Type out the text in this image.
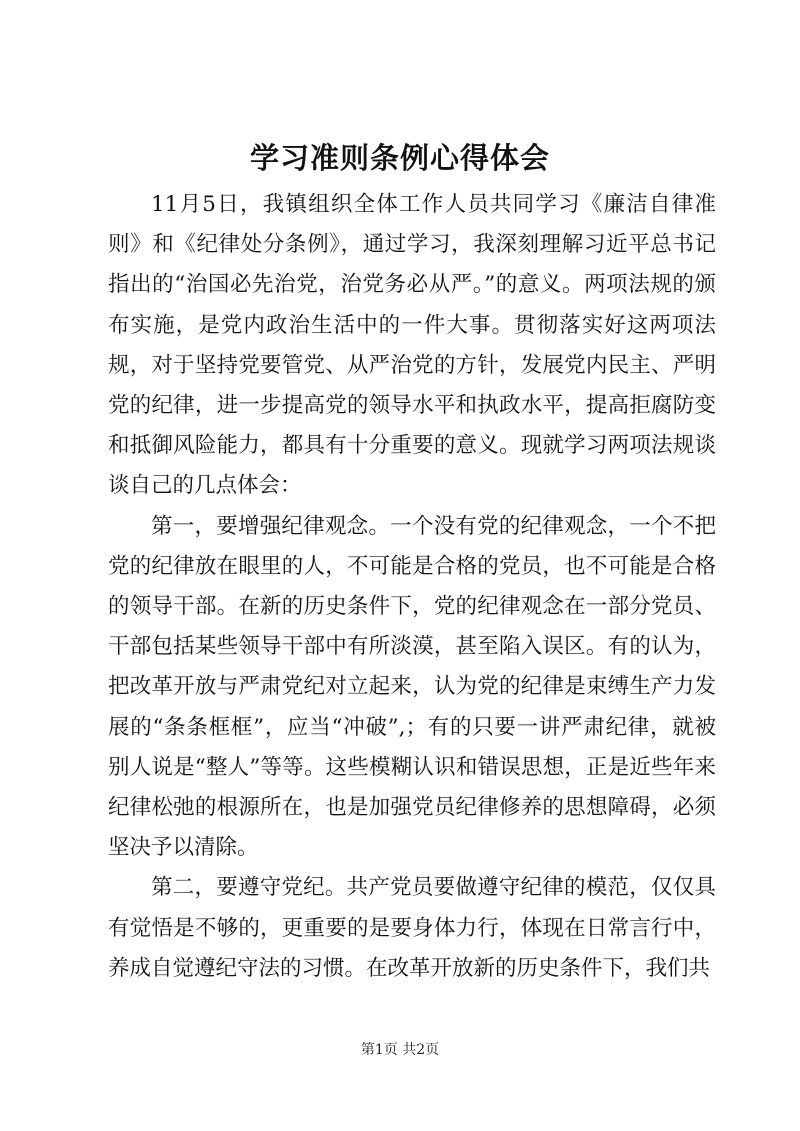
学习准则条例心得体会

11月5日，我镇组织全体工作人员共同学习《廉洁自律准则》和《纪律处分条例》，通过学习，我深刻理解习近平总书记指出的“治国必先治党，治党务必从严。”的意义。两项法规的颁布实施，是党内政治生活中的一件大事。贯彻落实好这两项法规，对于坚持党要管党、从严治党的方针，发展党内民主、严明党的纪律，进一步提高党的领导水平和执政水平，提高拒腐防变和抵御风险能力，都具有十分重要的意义。现就学习两项法规谈谈自己的几点体会：

第一，要增强纪律观念。一个没有党的纪律观念，一个不把党的纪律放在眼里的人，不可能是合格的党员，也不可能是合格的领导干部。在新的历史条件下，党的纪律观念在一部分党员、干部包括某些领导干部中有所淡漠，甚至陷入误区。有的认为，把改革开放与严肃党纪对立起来，认为党的纪律是束缚生产力发展的“条条框框”，应当“冲破”,；有的只要一讲严肃纪律，就被别人说是“整人”等等。这些模糊认识和错误思想，正是近些年来纪律松弛的根源所在，也是加强党员纪律修养的思想障碍，必须坚决予以清除。

第二，要遵守党纪。共产党员要做遵守纪律的模范，仅仅具有觉悟是不够的，更重要的是要身体力行，体现在日常言行中，养成自觉遵纪守法的习惯。在改革开放新的历史条件下，我们共

第1页 共2页
